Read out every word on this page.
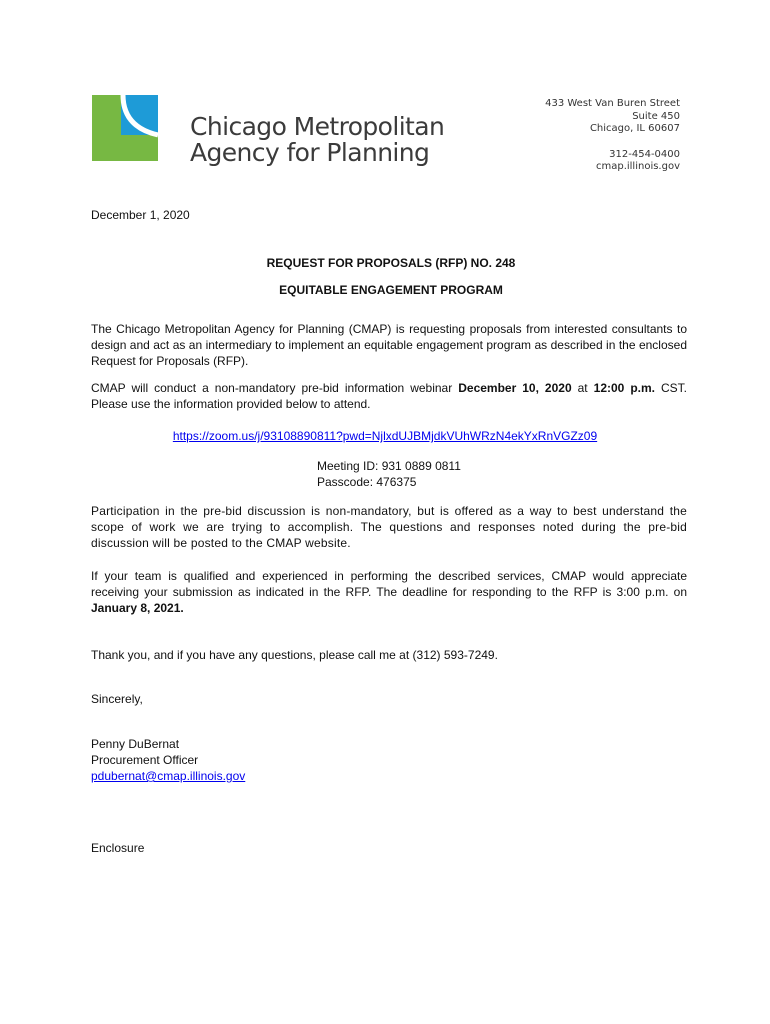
Chicago Metropolitan
Agency for Planning
433 West Van Buren Street
Suite 450
Chicago, IL 60607
312-454-0400
cmap.illinois.gov
December 1, 2020
REQUEST FOR PROPOSALS (RFP) NO. 248
EQUITABLE ENGAGEMENT PROGRAM
The Chicago Metropolitan Agency for Planning (CMAP) is requesting proposals from interested consultants to design and act as an intermediary to implement an equitable engagement program as described in the enclosed Request for Proposals (RFP).
CMAP will conduct a non-mandatory pre-bid information webinar December 10, 2020 at 12:00 p.m. CST. Please use the information provided below to attend.
https://zoom.us/j/93108890811?pwd=NjlxdUJBMjdkVUhWRzN4ekYxRnVGZz09
Meeting ID: 931 0889 0811
Passcode: 476375
Participation in the pre-bid discussion is non-mandatory, but is offered as a way to best understand the scope of work we are trying to accomplish. The questions and responses noted during the pre-bid discussion will be posted to the CMAP website.
If your team is qualified and experienced in performing the described services, CMAP would appreciate receiving your submission as indicated in the RFP. The deadline for responding to the RFP is 3:00 p.m. on January 8, 2021.
Thank you, and if you have any questions, please call me at (312) 593-7249.
Sincerely,
Penny DuBernat
Procurement Officer
pdubernat@cmap.illinois.gov
Enclosure
